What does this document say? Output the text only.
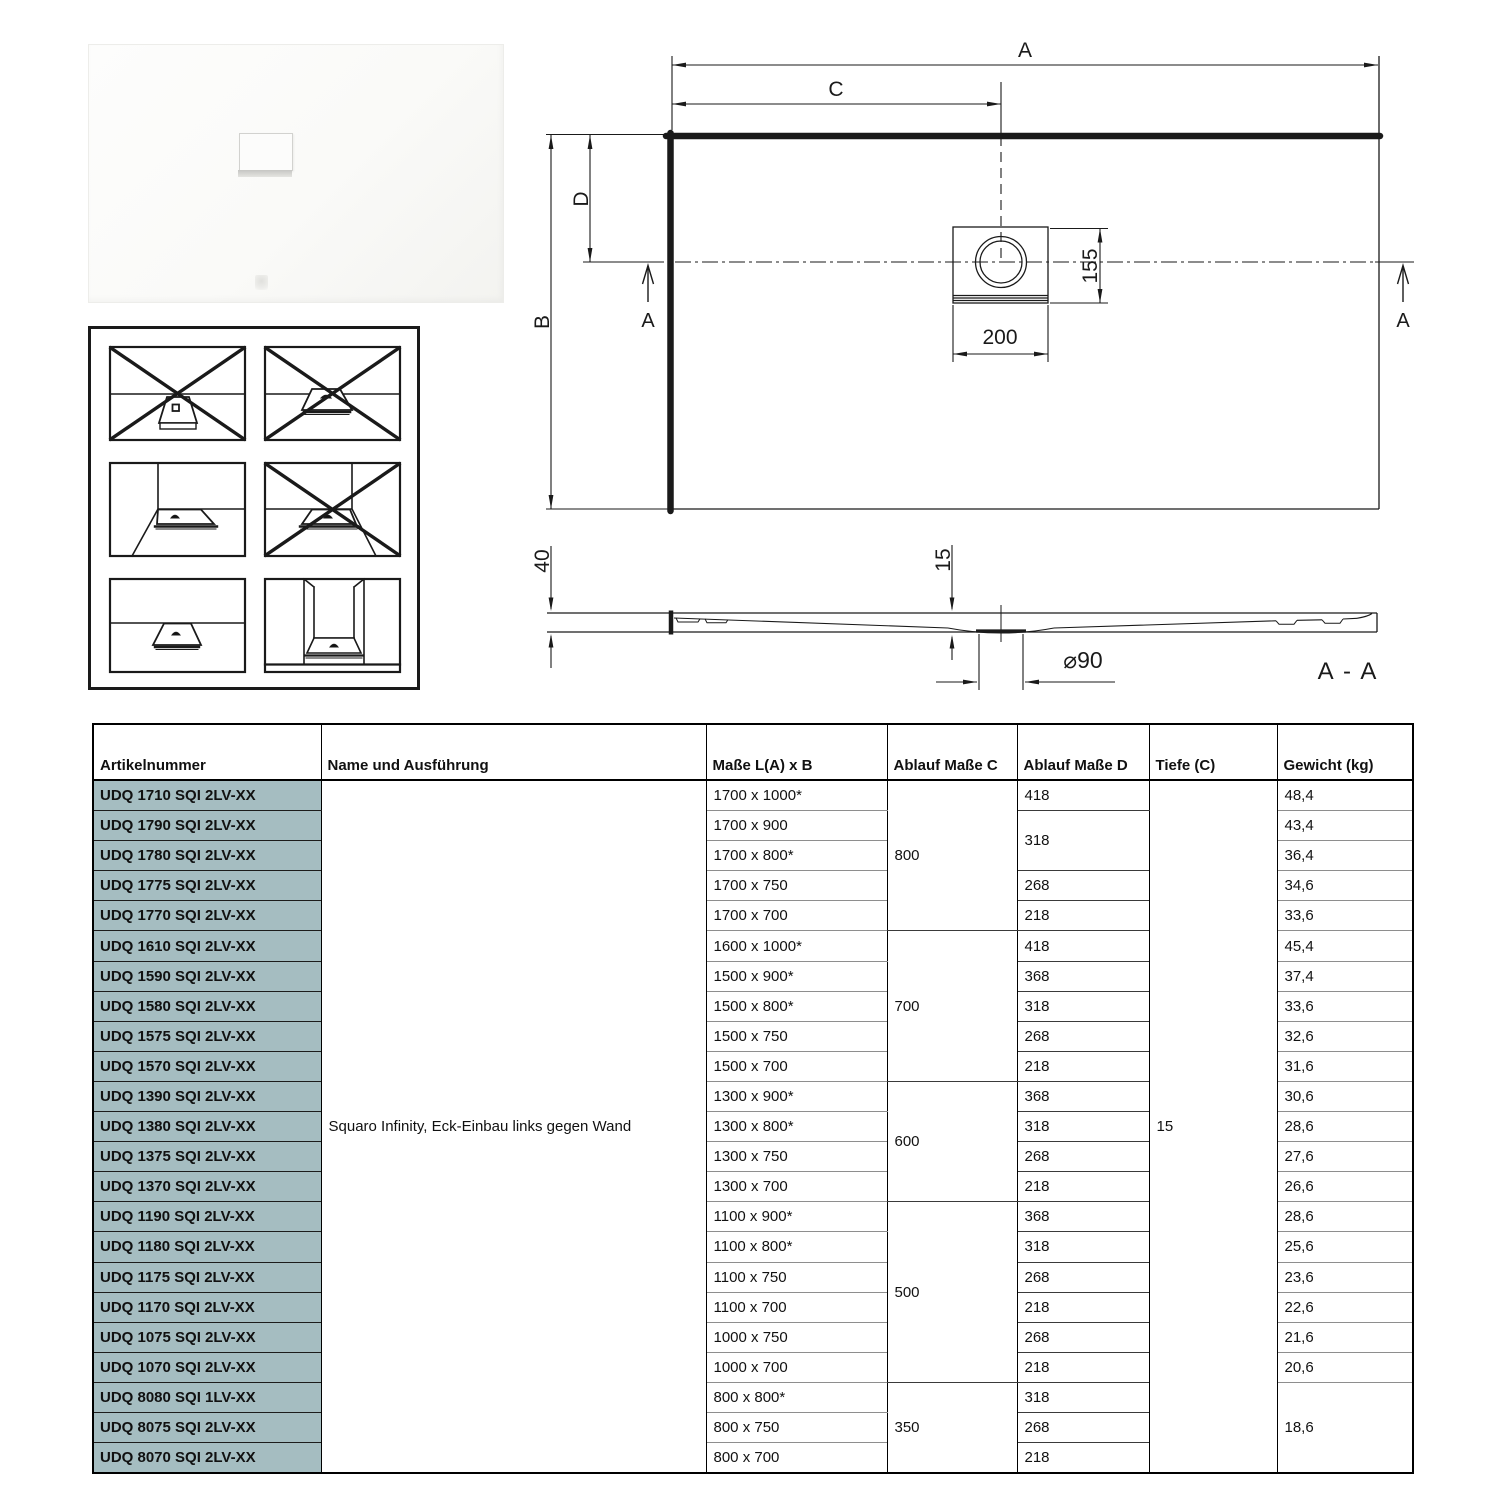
A
C
B
D
155
200
A	A
40	15
⌀90	A - A
Artikelnummer	Name und Ausführung	Maße L(A) x B	Ablauf Maße C	Ablauf Maße D	Tiefe (C)	Gewicht (kg)
UDQ 1710 SQI 2LV-XX	Squaro Infinity, Eck-Einbau links gegen Wand	1700 x 1000*	800	418	15	48,4
UDQ 1790 SQI 2LV-XX		1700 x 900		318		43,4
UDQ 1780 SQI 2LV-XX		1700 x 800*				36,4
UDQ 1775 SQI 2LV-XX		1700 x 750		268		34,6
UDQ 1770 SQI 2LV-XX		1700 x 700		218		33,6
UDQ 1610 SQI 2LV-XX		1600 x 1000*	700	418		45,4
UDQ 1590 SQI 2LV-XX		1500 x 900*		368		37,4
UDQ 1580 SQI 2LV-XX		1500 x 800*		318		33,6
UDQ 1575 SQI 2LV-XX		1500 x 750		268		32,6
UDQ 1570 SQI 2LV-XX		1500 x 700		218		31,6
UDQ 1390 SQI 2LV-XX		1300 x 900*	600	368		30,6
UDQ 1380 SQI 2LV-XX		1300 x 800*		318		28,6
UDQ 1375 SQI 2LV-XX		1300 x 750		268		27,6
UDQ 1370 SQI 2LV-XX		1300 x 700		218		26,6
UDQ 1190 SQI 2LV-XX		1100 x 900*	500	368		28,6
UDQ 1180 SQI 2LV-XX		1100 x 800*		318		25,6
UDQ 1175 SQI 2LV-XX		1100 x 750		268		23,6
UDQ 1170 SQI 2LV-XX		1100 x 700		218		22,6
UDQ 1075 SQI 2LV-XX		1000 x 750		268		21,6
UDQ 1070 SQI 2LV-XX		1000 x 700		218		20,6
UDQ 8080 SQI 1LV-XX		800 x 800*	350	318		18,6
UDQ 8075 SQI 2LV-XX		800 x 750		268		
UDQ 8070 SQI 2LV-XX		800 x 700		218		
